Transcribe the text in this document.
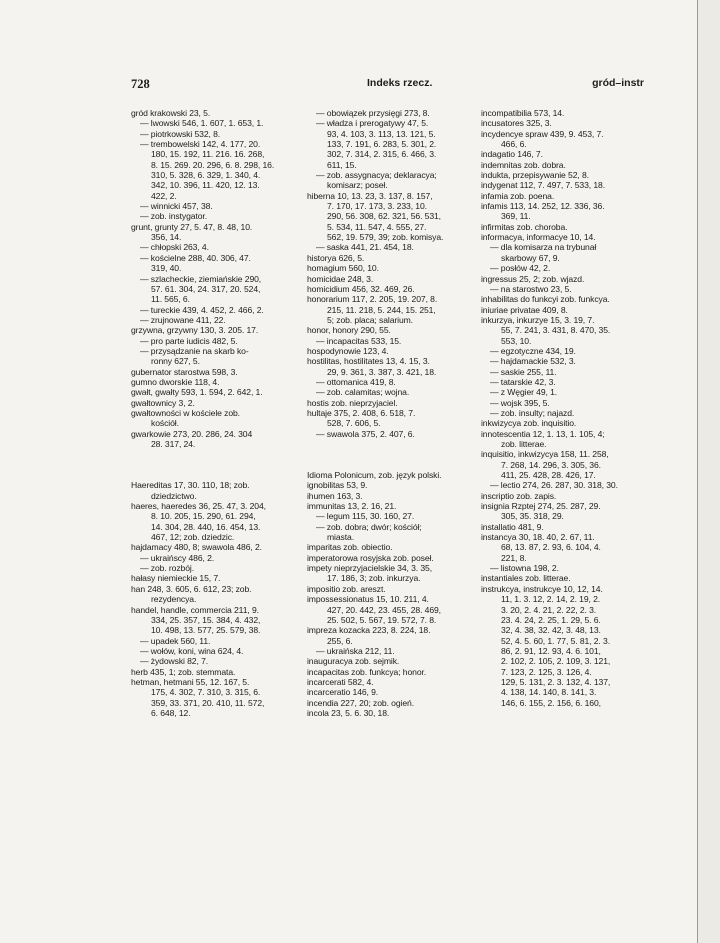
728	Indeks rzecz.	gród–instr
gród krakowski 23, 5.
— lwowski 546, 1. 607, 1. 653, 1.
— piotrkowski 532, 8.
— trembowelski 142, 4. 177, 20.
180, 15. 192, 11. 216. 16. 268,
8. 15. 269. 20. 296, 6. 8. 298, 16.
310, 5. 328, 6. 329, 1. 340, 4.
342, 10. 396, 11. 420, 12. 13.
422, 2.
— winnicki 457, 38.
— zob. instygator.
grunt, grunty 27, 5. 47, 8. 48, 10.
356, 14.
— chłopski 263, 4.
— kościelne 288, 40. 306, 47.
319, 40.
— szlacheckie, ziemiańskie 290,
57. 61. 304, 24. 317, 20. 524,
11. 565, 6.
— tureckie 439, 4. 452, 2. 466, 2.
— zrujnowane 411, 22.
grzywna, grzywny 130, 3. 205. 17.
— pro parte iudicis 482, 5.
— przysądzanie na skarb ko-
ronny 627, 5.
gubernator starostwa 598, 3.
gumno dworskie 118, 4.
gwałt, gwałty 593, 1. 594, 2. 642, 1.
gwałtownicy 3, 2.
gwałtowności w kościele zob.
kościół.
gwarkowie 273, 20. 286, 24. 304
28. 317, 24.
Haereditas 17, 30. 110, 18; zob.
dziedzictwo.
haeres, haeredes 36, 25. 47, 3. 204,
8. 10. 205, 15. 290, 61. 294,
14. 304, 28. 440, 16. 454, 13.
467, 12; zob. dziedzic.
hajdamacy 480, 8; swawola 486, 2.
— ukraińscy 486, 2.
— zob. rozbój.
hałasy niemieckie 15, 7.
han 248, 3. 605, 6. 612, 23; zob.
rezydencya.
handel, handle, commercia 211, 9.
334, 25. 357, 15. 384, 4. 432,
10. 498, 13. 577, 25. 579, 38.
— upadek 560, 11.
— wołów, koni, wina 624, 4.
— żydowski 82, 7.
herb 435, 1; zob. stemmata.
hetman, hetmani 55, 12. 167, 5.
175, 4. 302, 7. 310, 3. 315, 6.
359, 33. 371, 20. 410, 11. 572,
6. 648, 12.
— obowiązek przysięgi 273, 8.
— władza i prerogatywy 47, 5.
93, 4. 103, 3. 113, 13. 121, 5.
133, 7. 191, 6. 283, 5. 301, 2.
302, 7. 314, 2. 315, 6. 466, 3.
611, 15.
— zob. assygnacya; deklaracya;
komisarz; poseł.
hiberna 10, 13. 23, 3. 137, 8. 157,
7. 170, 17. 173, 3. 233, 10.
290, 56. 308, 62. 321, 56. 531,
5. 534, 11. 547, 4. 555, 27.
562, 19. 579, 39; zob. komisya.
— saska 441, 21. 454, 18.
historya 626, 5.
homagium 560, 10.
homicidae 248, 3.
homicidium 456, 32. 469, 26.
honorarium 117, 2. 205, 19. 207, 8.
215, 11. 218, 5. 244, 15. 251,
5; zob. placa; salarium.
honor, honory 290, 55.
— incapacitas 533, 15.
hospodynowie 123, 4.
hostilitas, hostilitates 13, 4. 15, 3.
29, 9. 361, 3. 387, 3. 421, 18.
— ottomanica 419, 8.
— zob. calamitas; wojna.
hostis zob. nieprzyjaciel.
hultaje 375, 2. 408, 6. 518, 7.
528, 7. 606, 5.
— swawola 375, 2. 407, 6.
Idioma Polonicum, zob. język polski.
ignobilitas 53, 9.
ihumen 163, 3.
immunitas 13, 2. 16, 21.
— legum 115, 30. 160, 27.
— zob. dobra; dwór; kościół;
miasta.
imparitas zob. obiectio.
imperatorowa rosyjska zob. poseł.
impety nieprzyjacielskie 34, 3. 35,
17. 186, 3; zob. inkurzya.
impositio zob. areszt.
impossessionatus 15, 10. 211, 4.
427, 20. 442, 23. 455, 28. 469,
25. 502, 5. 567, 19. 572, 7. 8.
impreza kozacka 223, 8. 224, 18.
255, 6.
— ukraińska 212, 11.
inauguracya zob. sejmik.
incapacitas zob. funkcya; honor.
incarcerati 582, 4.
incarceratio 146, 9.
incendia 227, 20; zob. ogień.
incola 23, 5. 6. 30, 18.
incompatibilia 573, 14.
incusatores 325, 3.
incydencye spraw 439, 9. 453, 7.
466, 6.
indagatio 146, 7.
indemnitas zob. dobra.
indukta, przepisywanie 52, 8.
indygenat 112, 7. 497, 7. 533, 18.
infamia zob. poena.
infamis 113, 14. 252, 12. 336, 36.
369, 11.
infirmitas zob. choroba.
informacya, informacye 10, 14.
— dla komisarza na trybunał
skarbowy 67, 9.
— posłów 42, 2.
ingressus 25, 2; zob. wjazd.
— na starostwo 23, 5.
inhabilitas do funkcyi zob. funkcya.
iniuriae privatae 409, 8.
inkurzya, inkurzye 15, 3. 19, 7.
55, 7. 241, 3. 431, 8. 470, 35.
553, 10.
— egzotyczne 434, 19.
— hajdamackie 532, 3.
— saskie 255, 11.
— tatarskie 42, 3.
— z Węgier 49, 1.
— wojsk 395, 5.
— zob. insulty; najazd.
inkwizycya zob. inquisitio.
innotescentia 12, 1. 13, 1. 105, 4;
zob. litterae.
inquisitio, inkwizycya 158, 11. 258,
7. 268, 14. 296, 3. 305, 36.
411, 25. 428, 28. 426, 17.
— lectio 274, 26. 287, 30. 318, 30.
inscriptio zob. zapis.
insignia Rzptej 274, 25. 287, 29.
305, 35. 318, 29.
installatio 481, 9.
instancya 30, 18. 40, 2. 67, 11.
68, 13. 87, 2. 93, 6. 104, 4.
221, 8.
— listowna 198, 2.
instantiales zob. litterae.
instrukcya, instrukcye 10, 12, 14.
11, 1. 3. 12, 2. 14, 2. 19, 2.
3. 20, 2. 4. 21, 2. 22, 2. 3.
23. 4. 24, 2. 25, 1. 29, 5. 6.
32, 4. 38, 32. 42, 3. 48, 13.
52, 4. 5. 60, 1. 77, 5. 81, 2. 3.
86, 2. 91, 12. 93, 4. 6. 101,
2. 102, 2. 105, 2. 109, 3. 121,
7. 123, 2. 125, 3. 126, 4.
129, 5. 131, 2. 3. 132, 4. 137,
4. 138, 14. 140, 8. 141, 3.
146, 6. 155, 2. 156, 6. 160,
